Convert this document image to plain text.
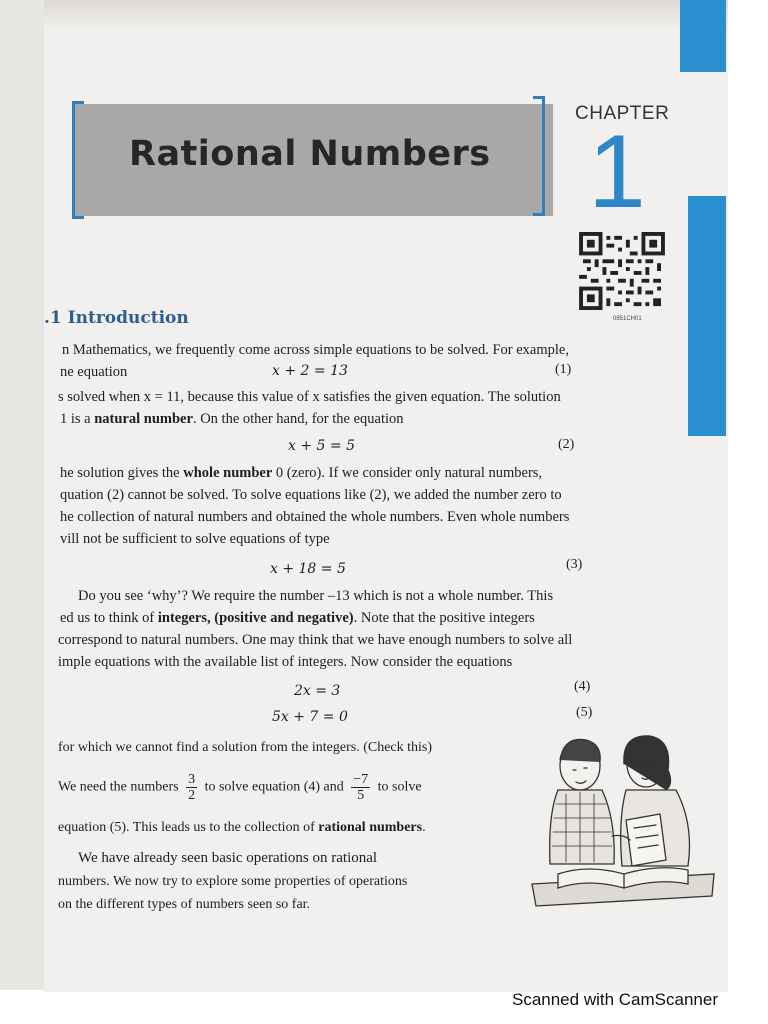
Rational Numbers
CHAPTER
1
0851CH01
.1 Introduction
n Mathematics, we frequently come across simple equations to be solved. For example,
ne equation	x + 2 = 13	(1)
s solved when x = 11, because this value of x satisfies the given equation. The solution
1 is a natural number. On the other hand, for the equation
x + 5 = 5	(2)
he solution gives the whole number 0 (zero). If we consider only natural numbers,
quation (2) cannot be solved. To solve equations like (2), we added the number zero to
he collection of natural numbers and obtained the whole numbers. Even whole numbers
vill not be sufficient to solve equations of type
x + 18 = 5	(3)
Do you see ‘why’? We require the number –13 which is not a whole number. This
ed us to think of integers, (positive and negative). Note that the positive integers
correspond to natural numbers. One may think that we have enough numbers to solve all
imple equations with the available list of integers. Now consider the equations
2x = 3	(4)
5x + 7 = 0	(5)
for which we cannot find a solution from the integers. (Check this)
We need the numbers $\frac{3}{2}$ to solve equation (4) and $\frac{-7}{5}$ to solve
equation (5). This leads us to the collection of rational numbers.
We have already seen basic operations on rational
numbers. We now try to explore some properties of operations
on the different types of numbers seen so far.
Scanned with CamScanner
